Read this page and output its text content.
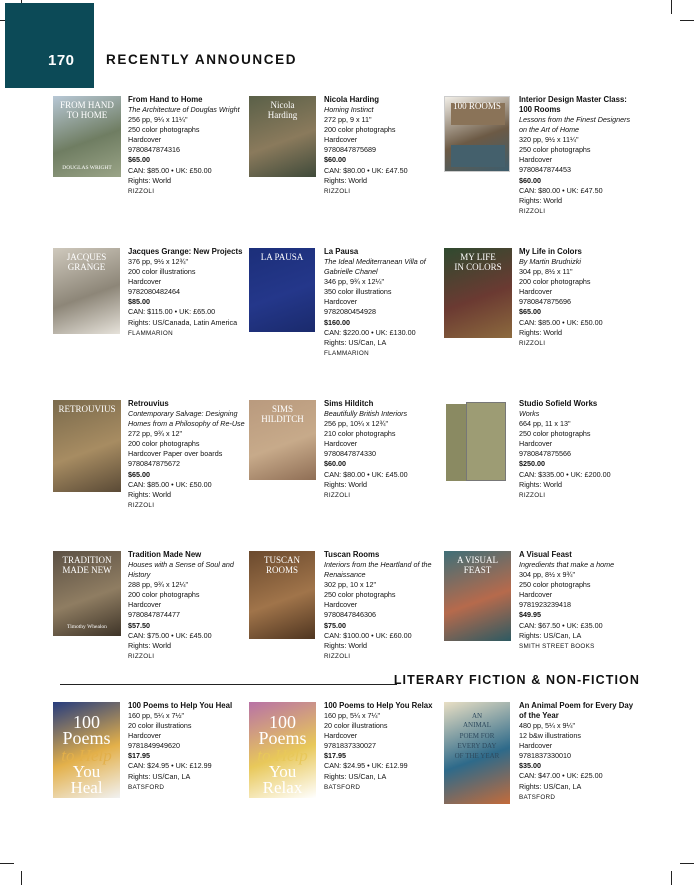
170 RECENTLY ANNOUNCED
LITERARY FICTION & NON-FICTION
FROM HAND
TO HOME
DOUGLAS WRIGHT
From Hand to Home
The Architecture of Douglas Wright
256 pp, 9¼ x 11¼"
250 color photographs
Hardcover
9780847874316
$65.00
CAN: $85.00 • UK: £50.00
Rights: World
RIZZOLI
Nicola
Harding
Nicola Harding
Homing Instinct
272 pp, 9 x 11"
200 color photographs
Hardcover
9780847875689
$60.00
CAN: $80.00 • UK: £47.50
Rights: World
RIZZOLI
100 ROOMS
Interior Design Master Class: 100 Rooms
Lessons from the Finest Designers on the Art of Home
320 pp, 9½ x 11¼"
250 color photographs
Hardcover
9780847874453
$60.00
CAN: $80.00 • UK: £47.50
Rights: World
RIZZOLI
JACQUES
GRANGE
Jacques Grange: New Projects
376 pp, 9½ x 12¾"
200 color illustrations
Hardcover
9782080482464
$85.00
CAN: $115.00 • UK: £65.00
Rights: US/Canada, Latin America
FLAMMARION
LA PAUSA
La Pausa
The Ideal Mediterranean Villa of Gabrielle Chanel
346 pp, 9¾ x 12¼"
350 color illustrations
Hardcover
9782080454928
$160.00
CAN: $220.00 • UK: £130.00
Rights: US/Can, LA
FLAMMARION
MY LIFE
IN COLORS
My Life in Colors
By Martin Brudnizki
304 pp, 8½ x 11"
200 color photographs
Hardcover
9780847875696
$65.00
CAN: $85.00 • UK: £50.00
Rights: World
RIZZOLI
RETROUVIUS
Retrouvius
Contemporary Salvage: Designing Homes from a Philosophy of Re-Use
272 pp, 9¾ x 12"
200 color photographs
Hardcover Paper over boards
9780847875672
$65.00
CAN: $85.00 • UK: £50.00
Rights: World
RIZZOLI
SIMS
HILDITCH
Sims Hilditch
Beautifully British Interiors
256 pp, 10¼ x 12¾"
210 color photographs
Hardcover
9780847874330
$60.00
CAN: $80.00 • UK: £45.00
Rights: World
RIZZOLI
Studio Sofield Works
Works
664 pp, 11 x 13"
250 color photographs
Hardcover
9780847875566
$250.00
CAN: $335.00 • UK: £200.00
Rights: World
RIZZOLI
TRADITION MADE NEW
Timothy Whealon
Tradition Made New
Houses with a Sense of Soul and History
288 pp, 9¾ x 12¼"
200 color photographs
Hardcover
9780847874477
$57.50
CAN: $75.00 • UK: £45.00
Rights: World
RIZZOLI
TUSCAN
ROOMS
Tuscan Rooms
Interiors from the Heartland of the Renaissance
302 pp, 10 x 12"
250 color photographs
Hardcover
9780847846306
$75.00
CAN: $100.00 • UK: £60.00
Rights: World
RIZZOLI
A VISUAL FEAST
A Visual Feast
Ingredients that make a home
304 pp, 8½ x 9¾"
250 color photographs
Hardcover
9781923239418
$49.95
CAN: $67.50 • UK: £35.00
Rights: US/Can, LA
SMITH STREET BOOKS
100
Poems
to Help
You
Heal
100 Poems to Help You Heal
160 pp, 5¼ x 7½"
20 color illustrations
Hardcover
9781849949620
$17.95
CAN: $24.95 • UK: £12.99
Rights: US/Can, LA
BATSFORD
100
Poems
to Help
You
Relax
100 Poems to Help You Relax
160 pp, 5¼ x 7¼"
20 color illustrations
Hardcover
9781837330027
$17.95
CAN: $24.95 • UK: £12.99
Rights: US/Can, LA
BATSFORD
AN
ANIMAL
POEM FOR
EVERY DAY
OF THE YEAR
An Animal Poem for Every Day of the Year
480 pp, 5¼ x 9¼"
12 b&w illustrations
Hardcover
9781837330010
$35.00
CAN: $47.00 • UK: £25.00
Rights: US/Can, LA
BATSFORD
